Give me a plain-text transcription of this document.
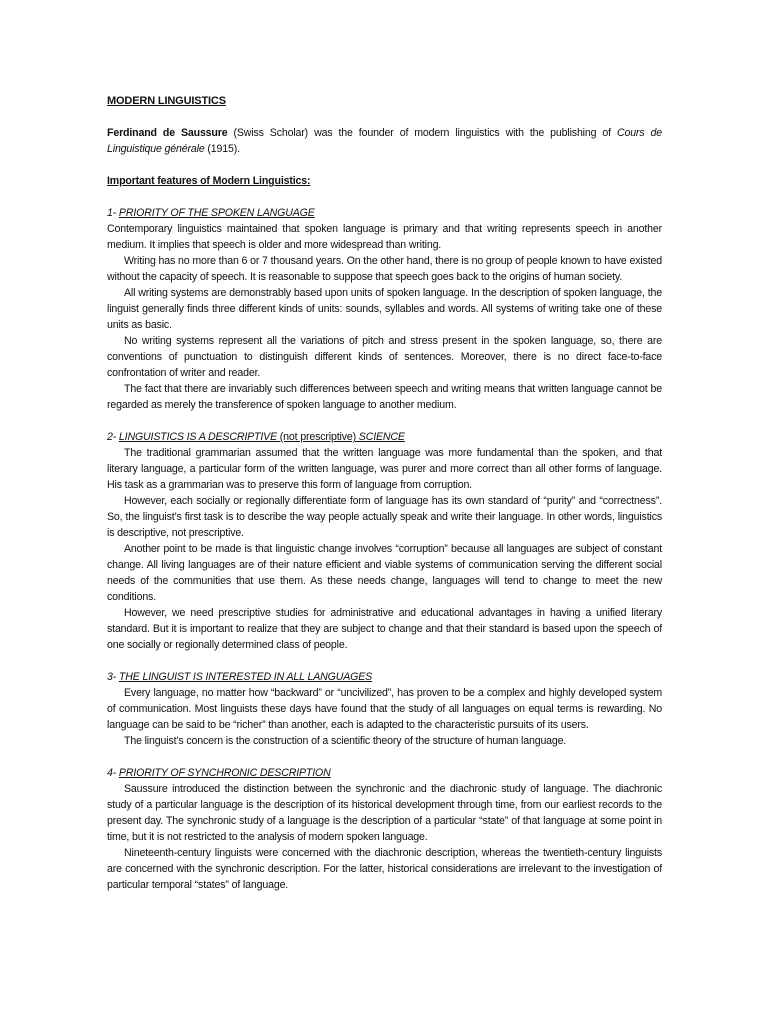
MODERN LINGUISTICS

Ferdinand de Saussure (Swiss Scholar) was the founder of modern linguistics with the publishing of Cours de Linguistique générale (1915).

Important features of Modern Linguistics:

1- PRIORITY OF THE SPOKEN LANGUAGE

Contemporary linguistics maintained that spoken language is primary and that writing represents speech in another medium. It implies that speech is older and more widespread than writing.

Writing has no more than 6 or 7 thousand years. On the other hand, there is no group of people known to have existed without the capacity of speech. It is reasonable to suppose that speech goes back to the origins of human society.

All writing systems are demonstrably based upon units of spoken language. In the description of spoken language, the linguist generally finds three different kinds of units: sounds, syllables and words. All systems of writing take one of these units as basic.

No writing systems represent all the variations of pitch and stress present in the spoken language, so, there are conventions of punctuation to distinguish different kinds of sentences. Moreover, there is no direct face-to-face confrontation of writer and reader.

The fact that there are invariably such differences between speech and writing means that written language cannot be regarded as merely the transference of spoken language to another medium.

2- LINGUISTICS IS A DESCRIPTIVE (not prescriptive) SCIENCE

The traditional grammarian assumed that the written language was more fundamental than the spoken, and that literary language, a particular form of the written language, was purer and more correct than all other forms of language. His task as a grammarian was to preserve this form of language from corruption.

However, each socially or regionally differentiate form of language has its own standard of “purity” and “correctness”. So, the linguist’s first task is to describe the way people actually speak and write their language. In other words, linguistics is descriptive, not prescriptive.

Another point to be made is that linguistic change involves “corruption” because all languages are subject of constant change. All living languages are of their nature efficient and viable systems of communication serving the different social needs of the communities that use them. As these needs change, languages will tend to change to meet the new conditions.

However, we need prescriptive studies for administrative and educational advantages in having a unified literary standard. But it is important to realize that they are subject to change and that their standard is based upon the speech of one socially or regionally determined class of people.

3- THE LINGUIST IS INTERESTED IN ALL LANGUAGES

Every language, no matter how “backward” or “uncivilized”, has proven to be a complex and highly developed system of communication. Most linguists these days have found that the study of all languages on equal terms is rewarding. No language can be said to be “richer” than another, each is adapted to the characteristic pursuits of its users.

The linguist’s concern is the construction of a scientific theory of the structure of human language.

4- PRIORITY OF SYNCHRONIC DESCRIPTION

Saussure introduced the distinction between the synchronic and the diachronic study of language. The diachronic study of a particular language is the description of its historical development through time, from our earliest records to the present day. The synchronic study of a language is the description of a particular “state” of that language at some point in time, but it is not restricted to the analysis of modern spoken language.

Nineteenth-century linguists were concerned with the diachronic description, whereas the twentieth-century linguists are concerned with the synchronic description. For the latter, historical considerations are irrelevant to the investigation of particular temporal “states” of language.
